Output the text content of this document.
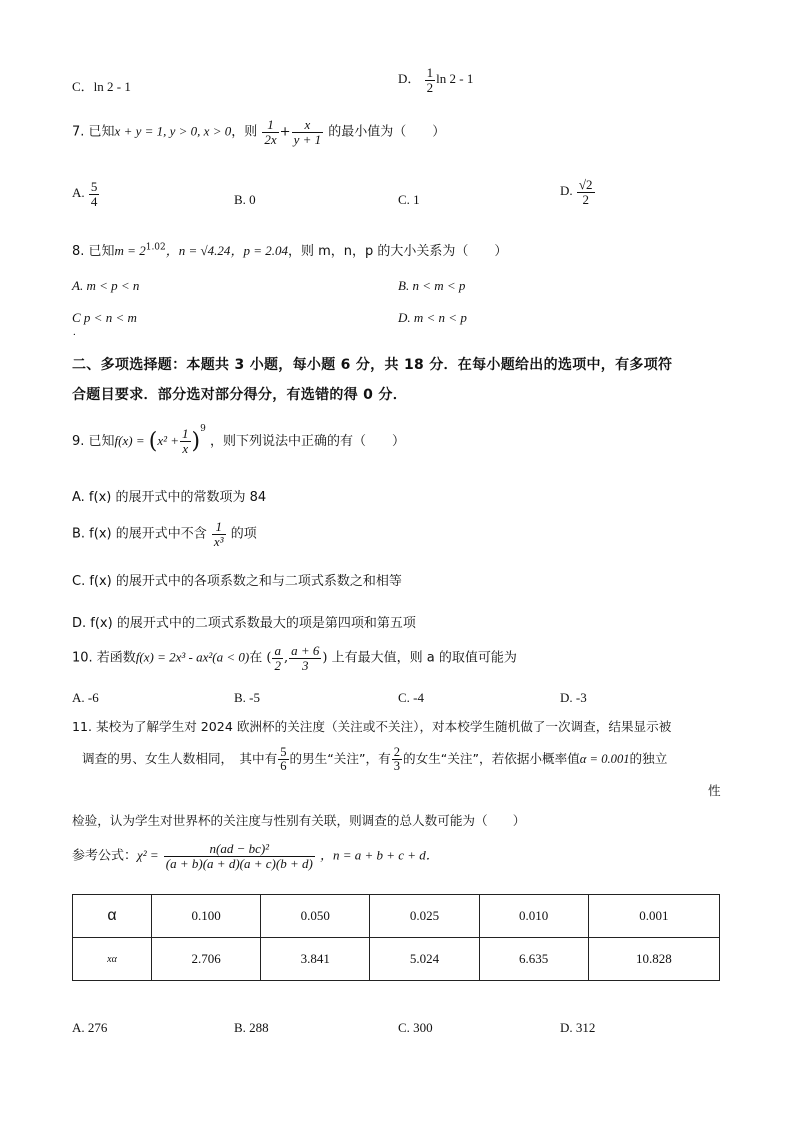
C．ln 2 - 1
D． $\frac{1}{2}$ ln 2 - 1
7. 已知x + y = 1, y > 0, x > 0，则 $\frac{1}{2x} + \frac{x}{y + 1}$ 的最小值为（　　）
A. $\frac{5}{4}$	B. 0	C. 1
D. $\frac{√2}{2}$
8. 已知$m = 2^{1.02}$，n = √4.24，p = 2.04，则 m，n，p 的大小关系为（　　）
A. m < p < n	B. n < m < p
C p < n < m
.
D. m < n < p
二、多项选择题：本题共 3 小题，每小题 6 分，共 18 分．在每小题给出的选项中，有多项符
合题目要求．部分选对部分得分，有选错的得 0 分．
9. 已知$f(x) = (x^2 + \frac{1}{x} )^9$ ，则下列说法中正确的有（　　）
A. f(x) 的展开式中的常数项为 84
B. f(x) 的展开式中不含 $\frac{1}{\text{x³}}$ 的项
C. f(x) 的展开式中的各项系数之和与二项式系数之和相等
D. f(x) 的展开式中的二项式系数最大的项是第四项和第五项
10. 若函数f(x) = 2x³ - ax²(a < 0)在 ( $\frac{a}{2}$ , $\frac{a + 6}{3}$ ) 上有最大值，则 a 的取值可能为
A. -6	B. -5	C. -4	D. -3
11. 某校为了解学生对 2024 欧洲杯的关注度（关注或不关注），对本校学生随机做了一次调查，结果显示被
调查的男、女生人数相同，　其中有 $\frac{5}{6}$ 的男生“关注”，有 $\frac{2}{3}$ 的女生“关注”，若依据小概率值α = 0.001的独立
性
检验，认为学生对世界杯的关注度与性别有关联，则调查的总人数可能为（　　）
参考公式：$\chi^2 = \frac{\text{n(ad − bc)²}}{(a + b)(a + d)(a + c)(b + d)}$ ，n = a + b + c + d．
α	0.100	0.050	0.025	0.010	0.001
xα	2.706	3.841	5.024	6.635	10.828
A. 276	B. 288	C. 300	D. 312
